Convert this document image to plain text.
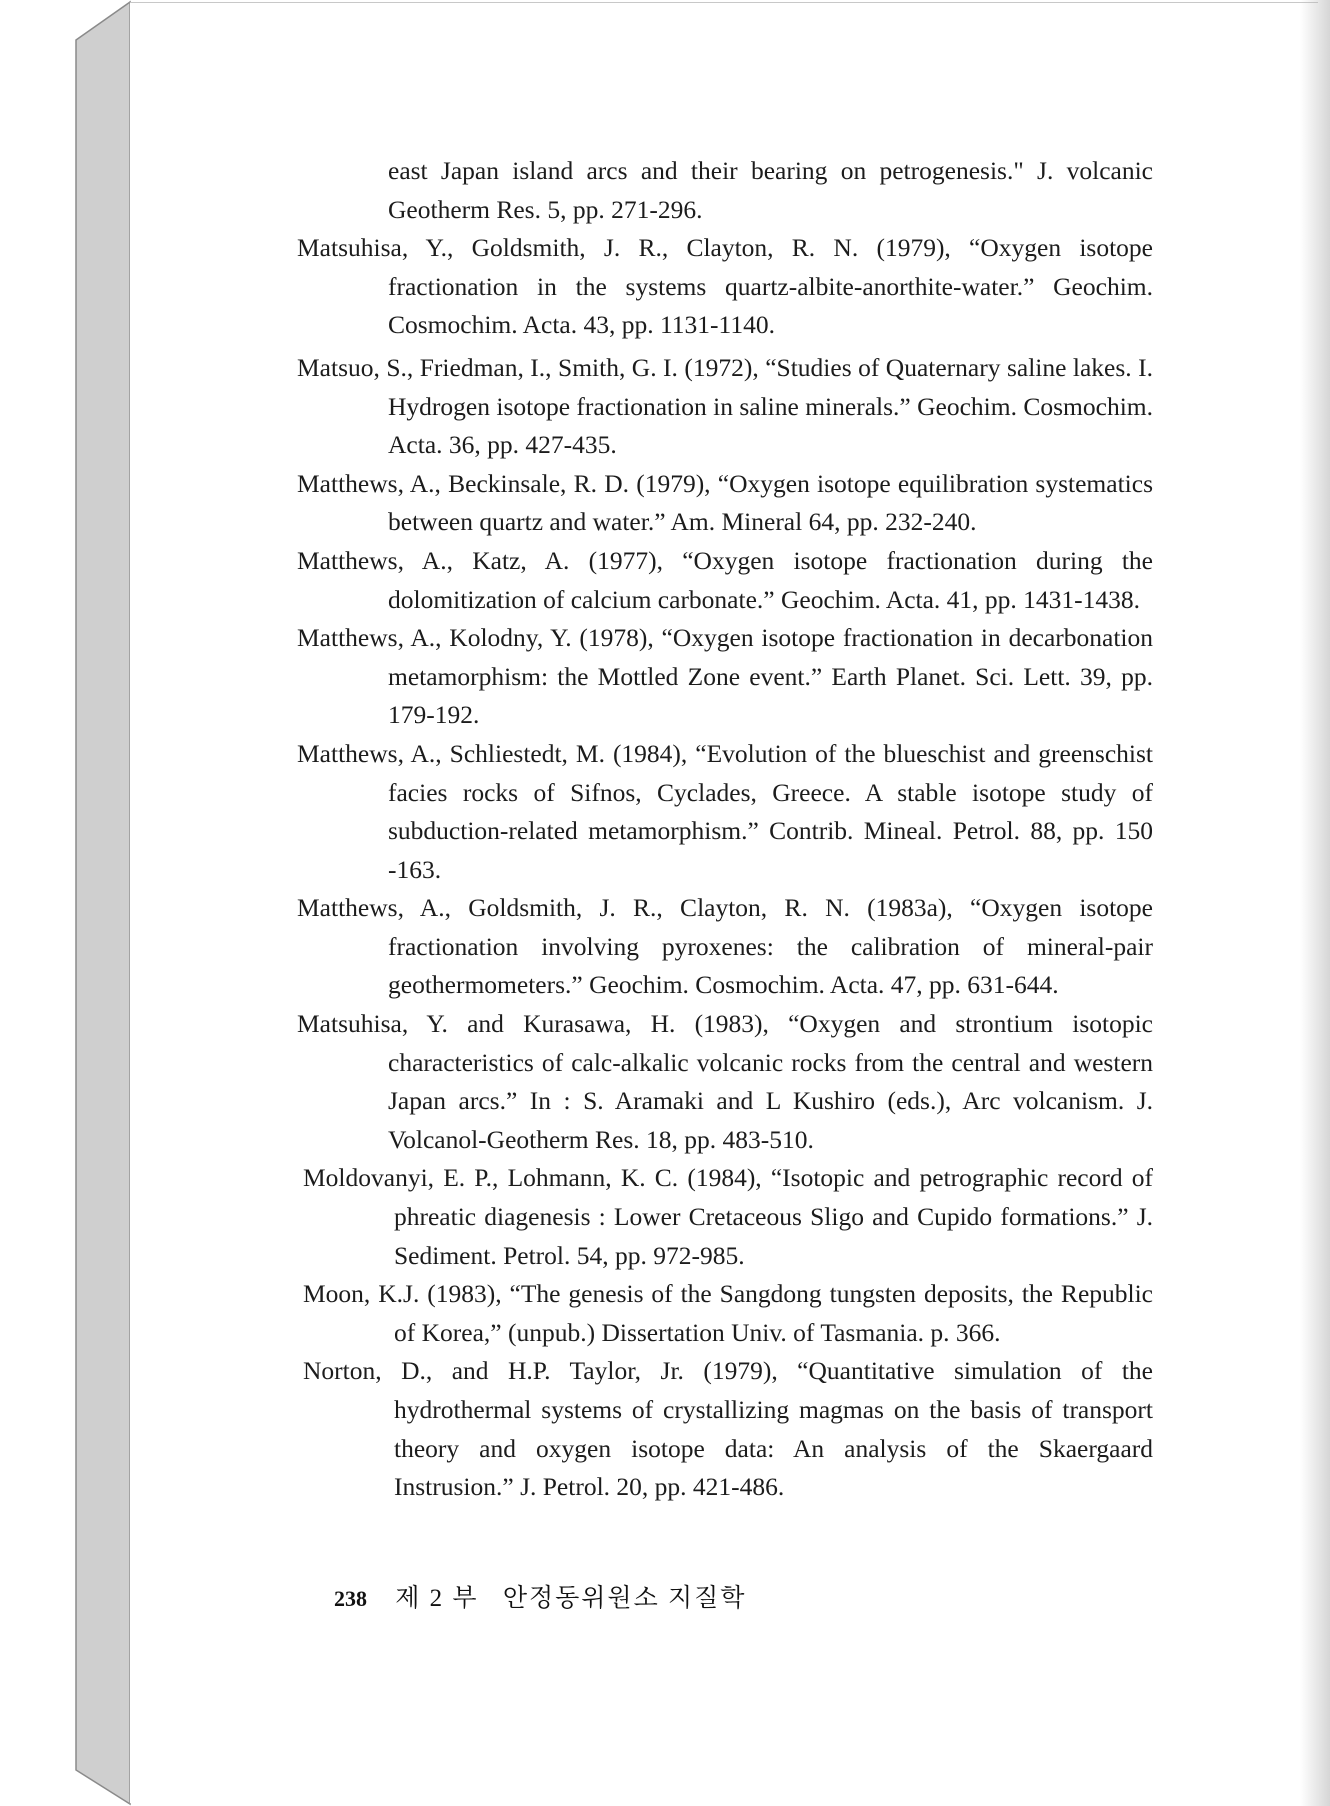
east Japan island arcs and their bearing on petrogenesis." J. volcanic Geotherm Res. 5, pp. 271-296.

Matsuhisa, Y., Goldsmith, J. R., Clayton, R. N. (1979), “Oxygen isotope fractionation in the systems quartz-albite-anorthite-water.” Geochim. Cosmochim. Acta. 43, pp. 1131-1140.

Matsuo, S., Friedman, I., Smith, G. I. (1972), “Studies of Quaternary saline lakes. I. Hydrogen isotope fractionation in saline minerals.” Geochim. Cosmochim. Acta. 36, pp. 427-435.

Matthews, A., Beckinsale, R. D. (1979), “Oxygen isotope equilibration systematics between quartz and water.” Am. Mineral 64, pp. 232-240.

Matthews, A., Katz, A. (1977), “Oxygen isotope fractionation during the dolomitization of calcium carbonate.” Geochim. Acta. 41, pp. 1431-1438.

Matthews, A., Kolodny, Y. (1978), “Oxygen isotope fractionation in decarbonation metamorphism: the Mottled Zone event.” Earth Planet. Sci. Lett. 39, pp. 179-192.

Matthews, A., Schliestedt, M. (1984), “Evolution of the blueschist and greenschist facies rocks of Sifnos, Cyclades, Greece. A stable isotope study of subduction-related metamorphism.” Contrib. Mineal. Petrol. 88, pp. 150 -163.

Matthews, A., Goldsmith, J. R., Clayton, R. N. (1983a), “Oxygen isotope fractionation involving pyroxenes: the calibration of mineral-pair geothermometers.” Geochim. Cosmochim. Acta. 47, pp. 631-644.

Matsuhisa, Y. and Kurasawa, H. (1983), “Oxygen and strontium isotopic characteristics of calc-alkalic volcanic rocks from the central and western Japan arcs.” In : S. Aramaki and L Kushiro (eds.), Arc volcanism. J. Volcanol-Geotherm Res. 18, pp. 483-510.

Moldovanyi, E. P., Lohmann, K. C. (1984), “Isotopic and petrographic record of phreatic diagenesis : Lower Cretaceous Sligo and Cupido formations.” J. Sediment. Petrol. 54, pp. 972-985.

Moon, K.J. (1983), “The genesis of the Sangdong tungsten deposits, the Republic of Korea,” (unpub.) Dissertation Univ. of Tasmania. p. 366.

Norton, D., and H.P. Taylor, Jr. (1979), “Quantitative simulation of the hydrothermal systems of crystallizing magmas on the basis of transport theory and oxygen isotope data: An analysis of the Skaergaard Instrusion.” J. Petrol. 20, pp. 421-486.

238 제 2 부 안정동위원소 지질학
